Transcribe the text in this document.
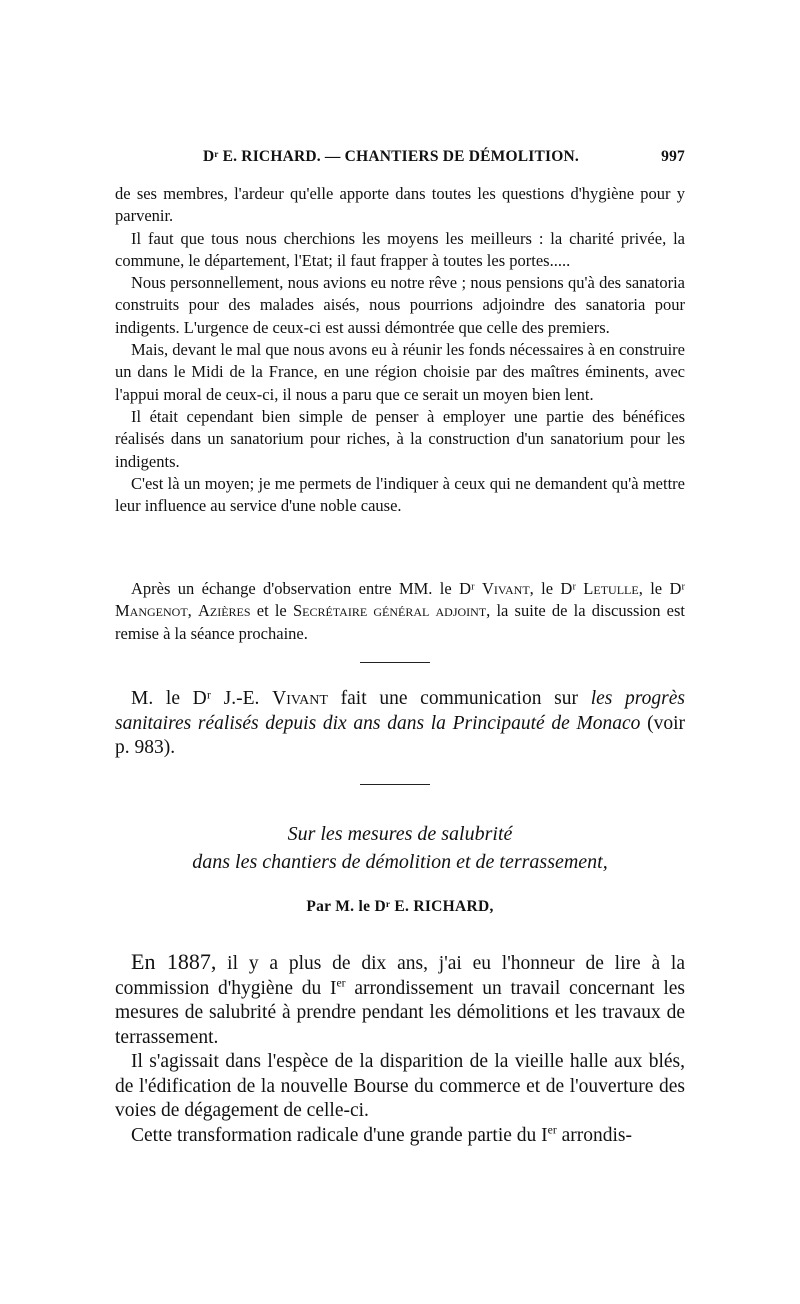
Dʳ E. RICHARD. — CHANTIERS DE DÉMOLITION.	997

de ses membres, l'ardeur qu'elle apporte dans toutes les questions d'hygiène pour y parvenir.

Il faut que tous nous cherchions les moyens les meilleurs : la charité privée, la commune, le département, l'Etat; il faut frapper à toutes les portes.....

Nous personnellement, nous avions eu notre rêve ; nous pensions qu'à des sanatoria construits pour des malades aisés, nous pourrions adjoindre des sanatoria pour indigents. L'urgence de ceux-ci est aussi démontrée que celle des premiers.

Mais, devant le mal que nous avons eu à réunir les fonds nécessaires à en construire un dans le Midi de la France, en une région choisie par des maîtres éminents, avec l'appui moral de ceux-ci, il nous a paru que ce serait un moyen bien lent.

Il était cependant bien simple de penser à employer une partie des bénéfices réalisés dans un sanatorium pour riches, à la construction d'un sanatorium pour les indigents.

C'est là un moyen; je me permets de l'indiquer à ceux qui ne demandent qu'à mettre leur influence au service d'une noble cause.

Après un échange d'observation entre MM. le Dʳ Vivant, le Dʳ Letulle, le Dʳ Mangenot, Azières et le Secrétaire général adjoint, la suite de la discussion est remise à la séance prochaine.

M. le Dʳ J.-E. Vivant fait une communication sur les progrès sanitaires réalisés depuis dix ans dans la Principauté de Monaco (voir p. 983).

Sur les mesures de salubrité
dans les chantiers de démolition et de terrassement,
Par M. le Dʳ E. RICHARD,

En 1887, il y a plus de dix ans, j'ai eu l'honneur de lire à la commission d'hygiène du Ier arrondissement un travail concernant les mesures de salubrité à prendre pendant les démolitions et les travaux de terrassement.

Il s'agissait dans l'espèce de la disparition de la vieille halle aux blés, de l'édification de la nouvelle Bourse du commerce et de l'ouverture des voies de dégagement de celle-ci.

Cette transformation radicale d'une grande partie du Ier arrondis-
